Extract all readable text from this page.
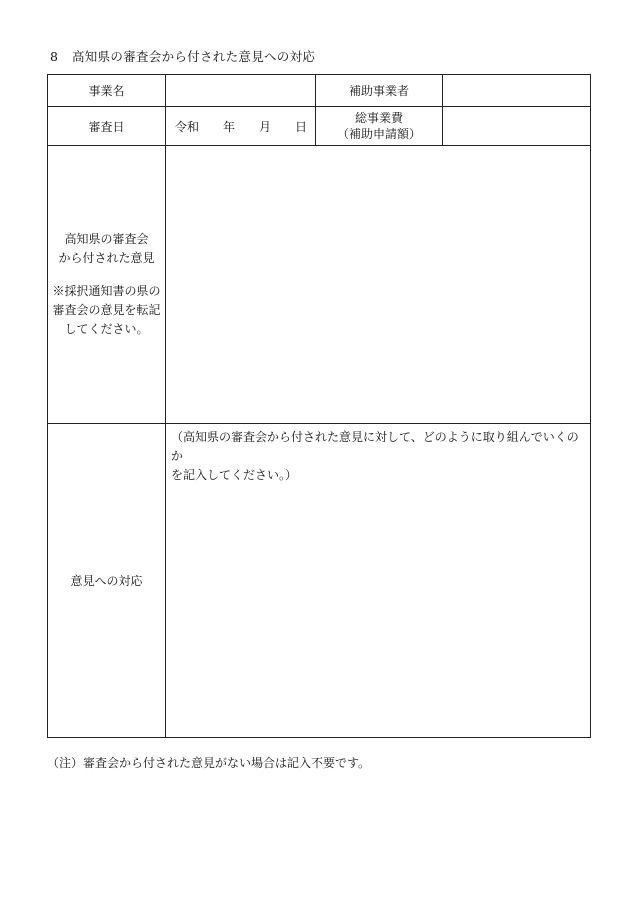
8 高知県の審査会から付された意見への対応
事業名		補助事業者	
審査日	令和 年 月 日	総事業費
（補助申請額）	

高知県の審査会
から付された意見
※採択通知書の県の
審査会の意見を転記
してください。			

意見への対応	（高知県の審査会から付された意見に対して、どのように取り組んでいくのか
を記入してください。）		
（注）審査会から付された意見がない場合は記入不要です。
